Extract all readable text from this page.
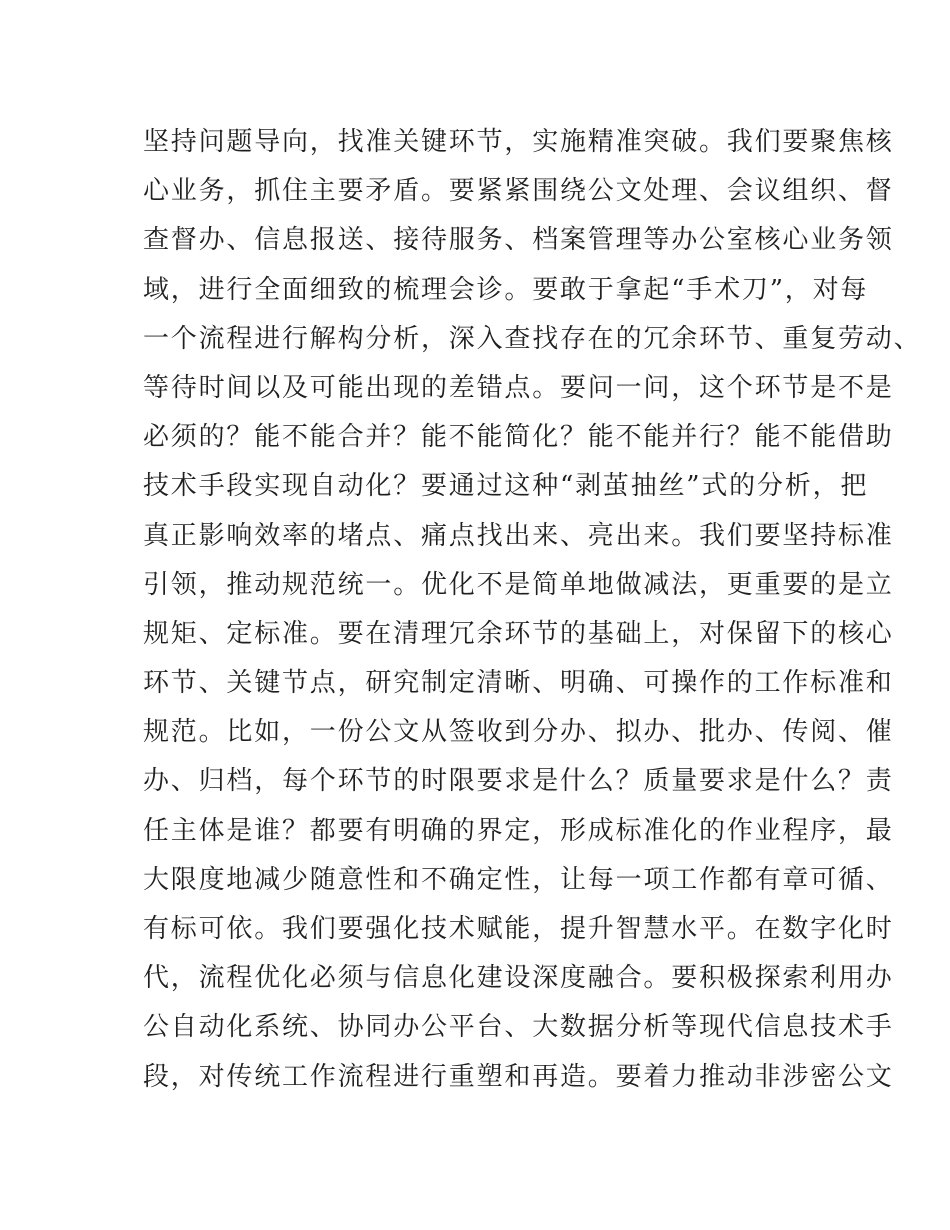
坚持问题导向，找准关键环节，实施精准突破。我们要聚焦核
心业务，抓住主要矛盾。要紧紧围绕公文处理、会议组织、督
查督办、信息报送、接待服务、档案管理等办公室核心业务领
域，进行全面细致的梳理会诊。要敢于拿起“手术刀”，对每
一个流程进行解构分析，深入查找存在的冗余环节、重复劳动、
等待时间以及可能出现的差错点。要问一问，这个环节是不是
必须的？能不能合并？能不能简化？能不能并行？能不能借助
技术手段实现自动化？要通过这种“剥茧抽丝”式的分析，把
真正影响效率的堵点、痛点找出来、亮出来。我们要坚持标准
引领，推动规范统一。优化不是简单地做减法，更重要的是立
规矩、定标准。要在清理冗余环节的基础上，对保留下的核心
环节、关键节点，研究制定清晰、明确、可操作的工作标准和
规范。比如，一份公文从签收到分办、拟办、批办、传阅、催
办、归档，每个环节的时限要求是什么？质量要求是什么？责
任主体是谁？都要有明确的界定，形成标准化的作业程序，最
大限度地减少随意性和不确定性，让每一项工作都有章可循、
有标可依。我们要强化技术赋能，提升智慧水平。在数字化时
代，流程优化必须与信息化建设深度融合。要积极探索利用办
公自动化系统、协同办公平台、大数据分析等现代信息技术手
段，对传统工作流程进行重塑和再造。要着力推动非涉密公文
